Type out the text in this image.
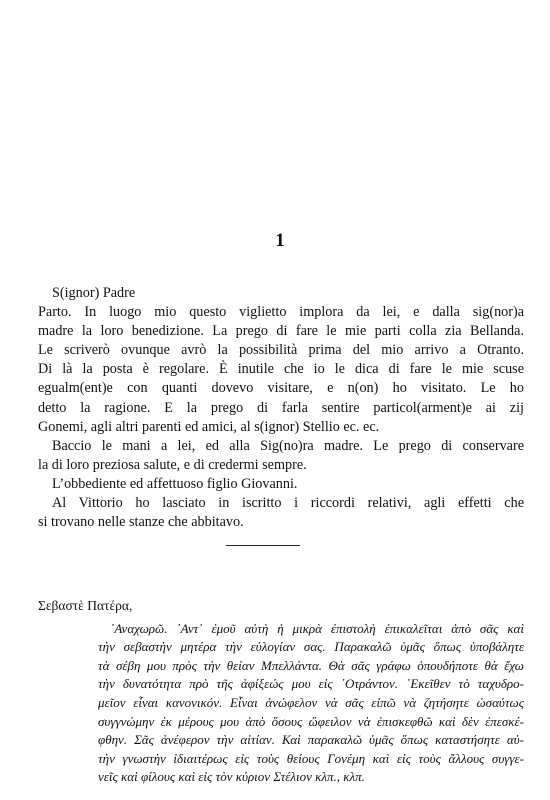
1
S(ignor) Padre
Parto. In luogo mio questo viglietto implora da lei, e dalla sig(nor)a
madre la loro benedizione. La prego di fare le mie parti colla zia Bellanda.
Le scriverò ovunque avrò la possibilità prima del mio arrivo a Otranto.
Di là la posta è regolare. È inutile che io le dica di fare le mie scuse
egualm(ent)e con quanti dovevo visitare, e n(on) ho visitato. Le ho
detto la ragione. E la prego di farla sentire particol(arment)e ai zij
Gonemi, agli altri parenti ed amici, al s(ignor) Stellio ec. ec.
Baccio le mani a lei, ed alla Sig(no)ra madre. Le prego di conservare
la di loro preziosa salute, e di credermi sempre.
L’obbediente ed affettuoso figlio Giovanni.
Al Vittorio ho lasciato in iscritto i riccordi relativi, agli effetti che
si trovano nelle stanze che abbitavo.
Σεβαστὲ Πατέρα,
᾿Αναχωρῶ. ᾿Αντ᾿ ἐμοῦ αὐτὴ ἡ μικρὰ ἐπιστολὴ ἐπικαλεῖται ἀπὸ σᾶς καὶ
τὴν σεβαστὴν μητέρα τὴν εὐλογίαν σας. Παρακαλῶ ὑμᾶς ὅπως ὑποβάλητε
τὰ σέβη μου πρὸς τὴν θείαν Μπελλάντα. Θὰ σᾶς γράφω ὁπουδήποτε θὰ ἔχω
τὴν δυνατότητα πρὸ τῆς ἀφίξεώς μου εἰς ᾿Οτράντον. ᾿Εκεῖθεν τὸ ταχυδρο-
μεῖον εἶναι κανονικόν. Εἶναι ἀνώφελον νὰ σᾶς εἰπῶ νὰ ζητήσητε ὡσαύτως
συγγνώμην ἐκ μέρους μου ἀπὸ ὅσους ὤφειλον νὰ ἐπισκεφθῶ καὶ δὲν ἐπεσκέ-
φθην. Σᾶς ἀνέφερον τὴν αἰτίαν. Καὶ παρακαλῶ ὑμᾶς ὅπως καταστήσητε αὐ-
τὴν γνωστὴν ἰδιαιτέρως εἰς τοὺς θείους Γονέμη καὶ εἰς τοὺς ἄλλους συγγε-
νεῖς καὶ φίλους καὶ εἰς τὸν κύριον Στέλιον κλπ., κλπ.
